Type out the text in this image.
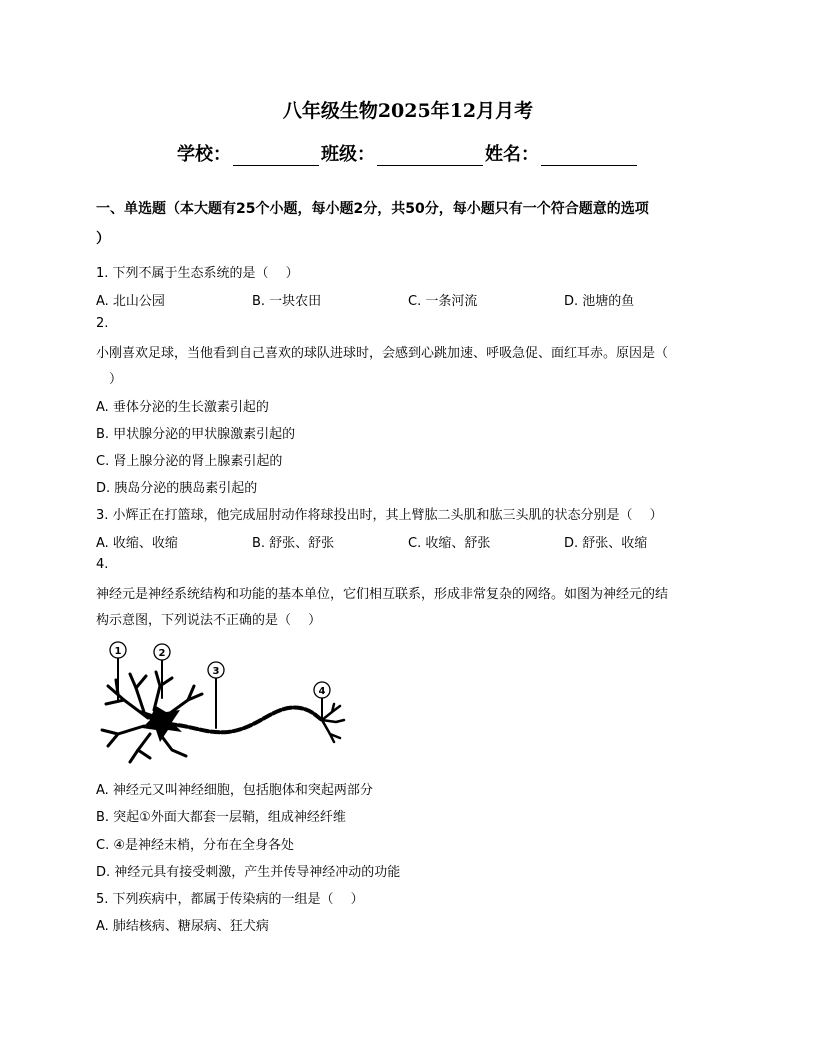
八年级生物2025年12月月考
学校：	班级：	姓名：
一、单选题（本大题有25个小题，每小题2分，共50分，每小题只有一个符合题意的选项
）
1. 下列不属于生态系统的是（　 ）
A. 北山公园	B. 一块农田	C. 一条河流	D. 池塘的鱼
2.
小刚喜欢足球，当他看到自己喜欢的球队进球时，会感到心跳加速、呼吸急促、面红耳赤。原因是（
　）
A. 垂体分泌的生长激素引起的
B. 甲状腺分泌的甲状腺激素引起的
C. 肾上腺分泌的肾上腺素引起的
D. 胰岛分泌的胰岛素引起的
3. 小辉正在打篮球，他完成屈肘动作将球投出时，其上臂肱二头肌和肱三头肌的状态分别是（　 ）
A. 收缩、收缩	B. 舒张、舒张	C. 收缩、舒张	D. 舒张、收缩
4.
神经元是神经系统结构和功能的基本单位，它们相互联系，形成非常复杂的网络。如图为神经元的结
构示意图，下列说法不正确的是（　 ）
1	2
3
4
A. 神经元又叫神经细胞，包括胞体和突起两部分
B. 突起①外面大都套一层鞘，组成神经纤维
C. ④是神经末梢，分布在全身各处
D. 神经元具有接受刺激，产生并传导神经冲动的功能
5. 下列疾病中，都属于传染病的一组是（　 ）
A. 肺结核病、糖尿病、狂犬病
